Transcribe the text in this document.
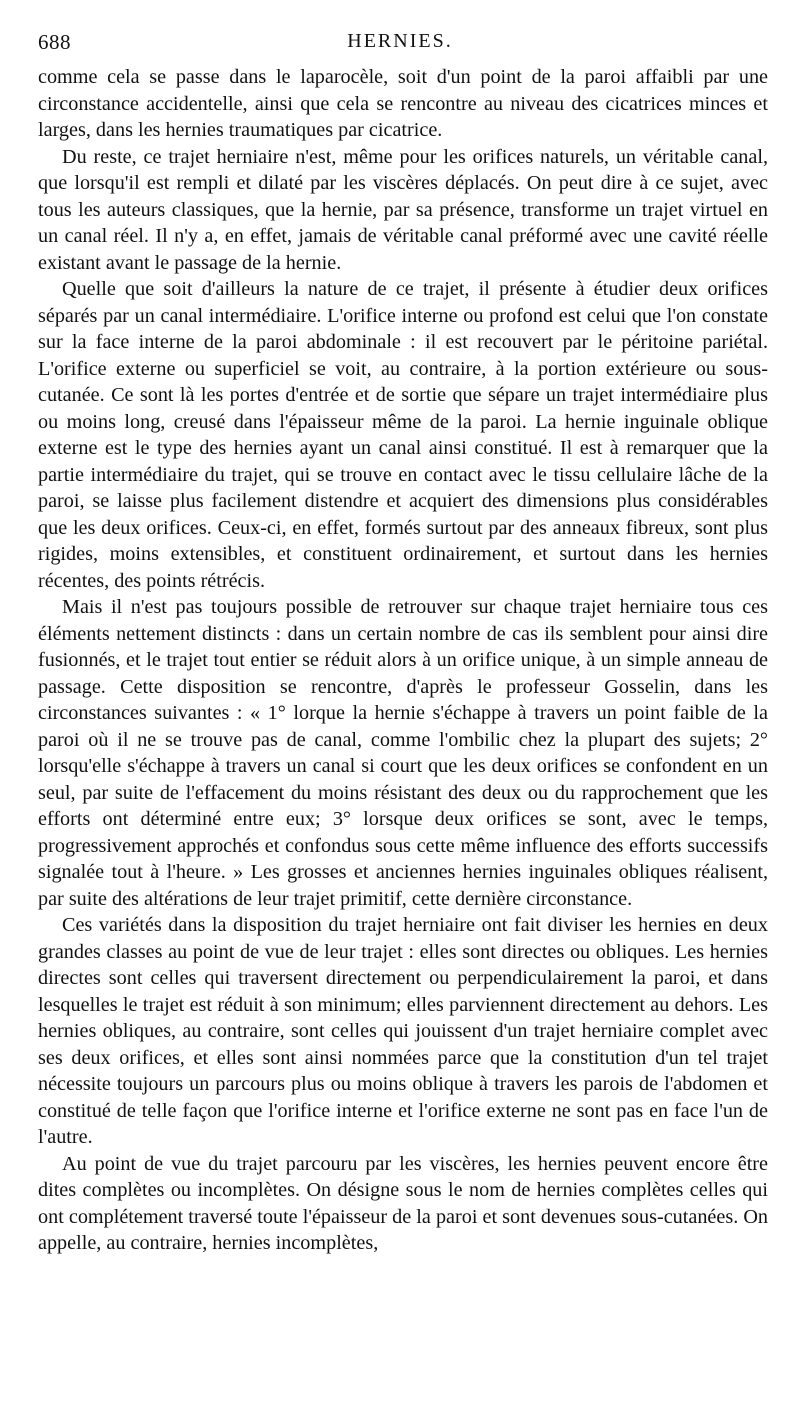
688	HERNIES.

comme cela se passe dans le laparocèle, soit d'un point de la paroi affaibli par une circonstance accidentelle, ainsi que cela se rencontre au niveau des cicatrices minces et larges, dans les hernies traumatiques par cicatrice.

Du reste, ce trajet herniaire n'est, même pour les orifices naturels, un véritable canal, que lorsqu'il est rempli et dilaté par les viscères déplacés. On peut dire à ce sujet, avec tous les auteurs classiques, que la hernie, par sa présence, transforme un trajet virtuel en un canal réel. Il n'y a, en effet, jamais de véritable canal préformé avec une cavité réelle existant avant le passage de la hernie.

Quelle que soit d'ailleurs la nature de ce trajet, il présente à étudier deux orifices séparés par un canal intermédiaire. L'orifice interne ou profond est celui que l'on constate sur la face interne de la paroi abdominale : il est recouvert par le péritoine pariétal. L'orifice externe ou superficiel se voit, au contraire, à la portion extérieure ou sous-cutanée. Ce sont là les portes d'entrée et de sortie que sépare un trajet intermédiaire plus ou moins long, creusé dans l'épaisseur même de la paroi. La hernie inguinale oblique externe est le type des hernies ayant un canal ainsi constitué. Il est à remarquer que la partie intermédiaire du trajet, qui se trouve en contact avec le tissu cellulaire lâche de la paroi, se laisse plus facilement distendre et acquiert des dimensions plus considérables que les deux orifices. Ceux-ci, en effet, formés surtout par des anneaux fibreux, sont plus rigides, moins extensibles, et constituent ordinairement, et surtout dans les hernies récentes, des points rétrécis.

Mais il n'est pas toujours possible de retrouver sur chaque trajet herniaire tous ces éléments nettement distincts : dans un certain nombre de cas ils semblent pour ainsi dire fusionnés, et le trajet tout entier se réduit alors à un orifice unique, à un simple anneau de passage. Cette disposition se rencontre, d'après le professeur Gosselin, dans les circonstances suivantes : « 1° lorque la hernie s'échappe à travers un point faible de la paroi où il ne se trouve pas de canal, comme l'ombilic chez la plupart des sujets; 2° lorsqu'elle s'échappe à travers un canal si court que les deux orifices se confondent en un seul, par suite de l'effacement du moins résistant des deux ou du rapprochement que les efforts ont déterminé entre eux; 3° lorsque deux orifices se sont, avec le temps, progressivement approchés et confondus sous cette même influence des efforts successifs signalée tout à l'heure. » Les grosses et anciennes hernies inguinales obliques réalisent, par suite des altérations de leur trajet primitif, cette dernière circonstance.

Ces variétés dans la disposition du trajet herniaire ont fait diviser les hernies en deux grandes classes au point de vue de leur trajet : elles sont directes ou obliques. Les hernies directes sont celles qui traversent directement ou perpendiculairement la paroi, et dans lesquelles le trajet est réduit à son minimum; elles parviennent directement au dehors. Les hernies obliques, au contraire, sont celles qui jouissent d'un trajet herniaire complet avec ses deux orifices, et elles sont ainsi nommées parce que la constitution d'un tel trajet nécessite toujours un parcours plus ou moins oblique à travers les parois de l'abdomen et constitué de telle façon que l'orifice interne et l'orifice externe ne sont pas en face l'un de l'autre.

Au point de vue du trajet parcouru par les viscères, les hernies peuvent encore être dites complètes ou incomplètes. On désigne sous le nom de hernies complètes celles qui ont complétement traversé toute l'épaisseur de la paroi et sont devenues sous-cutanées. On appelle, au contraire, hernies incomplètes,
